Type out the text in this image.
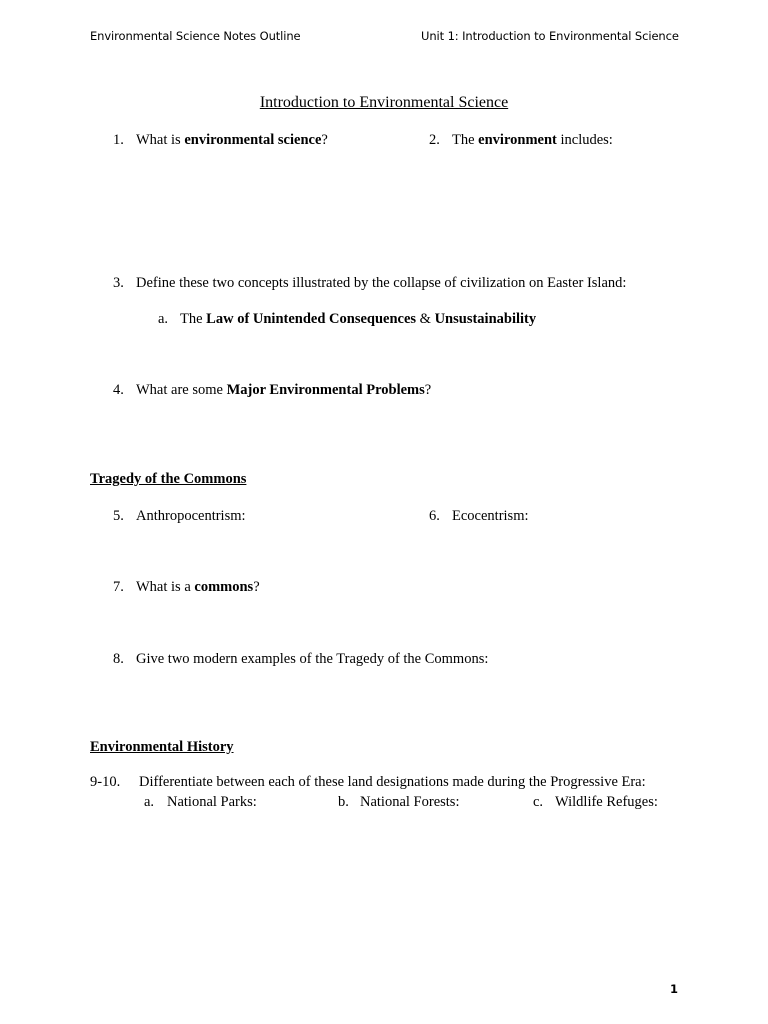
Environmental Science Notes Outline	Unit 1: Introduction to Environmental Science
Introduction to Environmental Science
1. What is environmental science?	2. The environment includes:
3. Define these two concepts illustrated by the collapse of civilization on Easter Island:
a. The Law of Unintended Consequences & Unsustainability
4. What are some Major Environmental Problems?
Tragedy of the Commons
5. Anthropocentrism:	6. Ecocentrism:
7. What is a commons?
8. Give two modern examples of the Tragedy of the Commons:
Environmental History
9-10. Differentiate between each of these land designations made during the Progressive Era:
a. National Parks:	b. National Forests:	c. Wildlife Refuges:
1
